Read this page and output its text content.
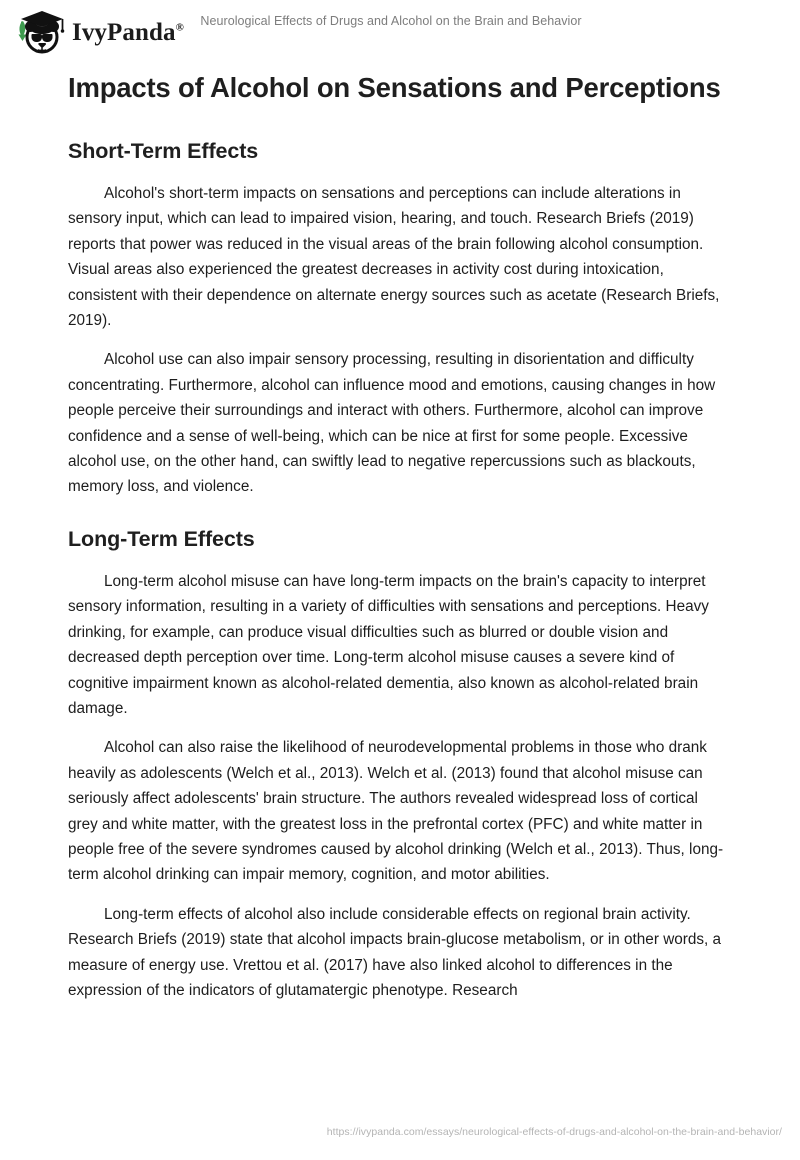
IvyPanda®	Neurological Effects of Drugs and Alcohol on the Brain and Behavior
Impacts of Alcohol on Sensations and Perceptions
Short-Term Effects

Alcohol's short-term impacts on sensations and perceptions can include alterations in sensory input, which can lead to impaired vision, hearing, and touch. Research Briefs (2019) reports that power was reduced in the visual areas of the brain following alcohol consumption. Visual areas also experienced the greatest decreases in activity cost during intoxication, consistent with their dependence on alternate energy sources such as acetate (Research Briefs, 2019).

Alcohol use can also impair sensory processing, resulting in disorientation and difficulty concentrating. Furthermore, alcohol can influence mood and emotions, causing changes in how people perceive their surroundings and interact with others. Furthermore, alcohol can improve confidence and a sense of well-being, which can be nice at first for some people. Excessive alcohol use, on the other hand, can swiftly lead to negative repercussions such as blackouts, memory loss, and violence.

Long-Term Effects

Long-term alcohol misuse can have long-term impacts on the brain's capacity to interpret sensory information, resulting in a variety of difficulties with sensations and perceptions. Heavy drinking, for example, can produce visual difficulties such as blurred or double vision and decreased depth perception over time. Long-term alcohol misuse causes a severe kind of cognitive impairment known as alcohol-related dementia, also known as alcohol-related brain damage.

Alcohol can also raise the likelihood of neurodevelopmental problems in those who drank heavily as adolescents (Welch et al., 2013). Welch et al. (2013) found that alcohol misuse can seriously affect adolescents' brain structure. The authors revealed widespread loss of cortical grey and white matter, with the greatest loss in the prefrontal cortex (PFC) and white matter in people free of the severe syndromes caused by alcohol drinking (Welch et al., 2013). Thus, long-term alcohol drinking can impair memory, cognition, and motor abilities.

Long-term effects of alcohol also include considerable effects on regional brain activity. Research Briefs (2019) state that alcohol impacts brain-glucose metabolism, or in other words, a measure of energy use. Vrettou et al. (2017) have also linked alcohol to differences in the expression of the indicators of glutamatergic phenotype. Research

https://ivypanda.com/essays/neurological-effects-of-drugs-and-alcohol-on-the-brain-and-behavior/
